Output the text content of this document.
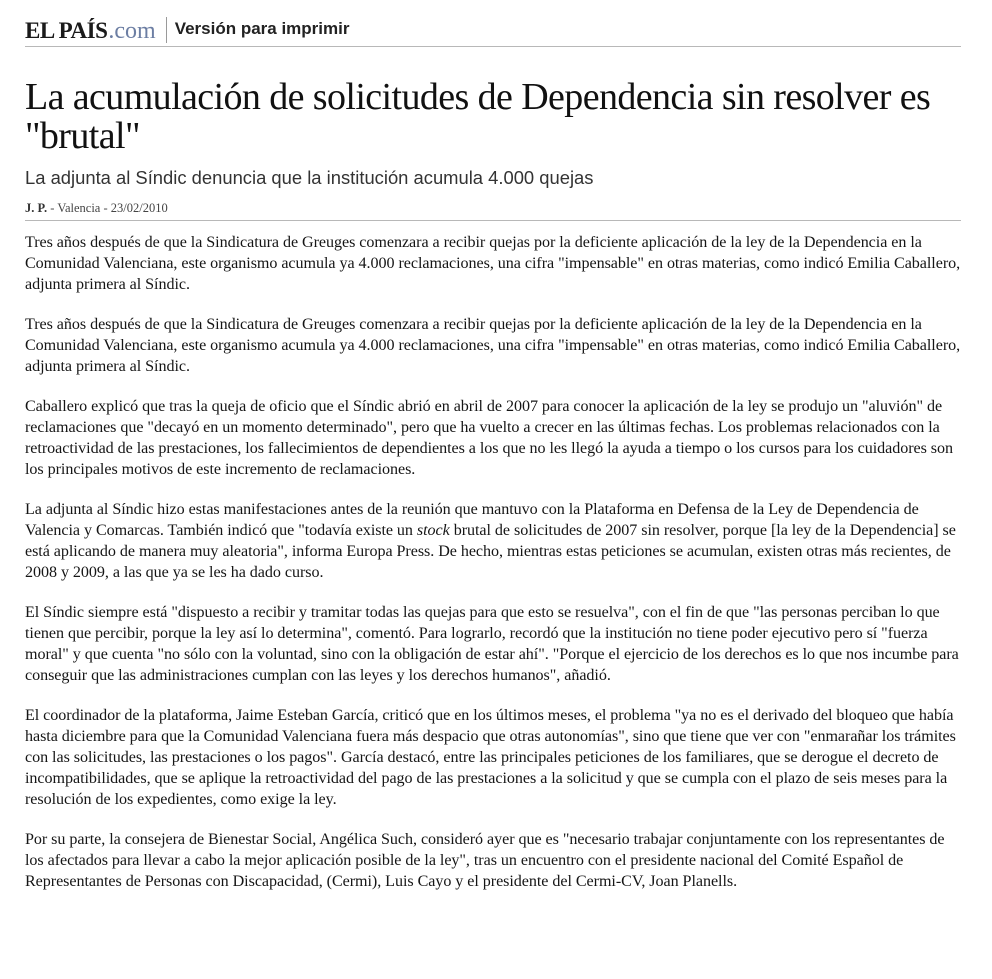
EL PAÍS .com Versión para imprimir
La acumulación de solicitudes de Dependencia sin resolver es "brutal"
La adjunta al Síndic denuncia que la institución acumula 4.000 quejas
J. P. - Valencia - 23/02/2010

Tres años después de que la Sindicatura de Greuges comenzara a recibir quejas por la deficiente aplicación de la ley de la Dependencia en la Comunidad Valenciana, este organismo acumula ya 4.000 reclamaciones, una cifra "impensable" en otras materias, como indicó Emilia Caballero, adjunta primera al Síndic.

Tres años después de que la Sindicatura de Greuges comenzara a recibir quejas por la deficiente aplicación de la ley de la Dependencia en la Comunidad Valenciana, este organismo acumula ya 4.000 reclamaciones, una cifra "impensable" en otras materias, como indicó Emilia Caballero, adjunta primera al Síndic.

Caballero explicó que tras la queja de oficio que el Síndic abrió en abril de 2007 para conocer la aplicación de la ley se produjo un "aluvión" de reclamaciones que "decayó en un momento determinado", pero que ha vuelto a crecer en las últimas fechas. Los problemas relacionados con la retroactividad de las prestaciones, los fallecimientos de dependientes a los que no les llegó la ayuda a tiempo o los cursos para los cuidadores son los principales motivos de este incremento de reclamaciones.

La adjunta al Síndic hizo estas manifestaciones antes de la reunión que mantuvo con la Plataforma en Defensa de la Ley de Dependencia de Valencia y Comarcas. También indicó que "todavía existe un stock brutal de solicitudes de 2007 sin resolver, porque [la ley de la Dependencia] se está aplicando de manera muy aleatoria", informa Europa Press. De hecho, mientras estas peticiones se acumulan, existen otras más recientes, de 2008 y 2009, a las que ya se les ha dado curso.

El Síndic siempre está "dispuesto a recibir y tramitar todas las quejas para que esto se resuelva", con el fin de que "las personas perciban lo que tienen que percibir, porque la ley así lo determina", comentó. Para lograrlo, recordó que la institución no tiene poder ejecutivo pero sí "fuerza moral" y que cuenta "no sólo con la voluntad, sino con la obligación de estar ahí". "Porque el ejercicio de los derechos es lo que nos incumbe para conseguir que las administraciones cumplan con las leyes y los derechos humanos", añadió.

El coordinador de la plataforma, Jaime Esteban García, criticó que en los últimos meses, el problema "ya no es el derivado del bloqueo que había hasta diciembre para que la Comunidad Valenciana fuera más despacio que otras autonomías", sino que tiene que ver con "enmarañar los trámites con las solicitudes, las prestaciones o los pagos". García destacó, entre las principales peticiones de los familiares, que se derogue el decreto de incompatibilidades, que se aplique la retroactividad del pago de las prestaciones a la solicitud y que se cumpla con el plazo de seis meses para la resolución de los expedientes, como exige la ley.

Por su parte, la consejera de Bienestar Social, Angélica Such, consideró ayer que es "necesario trabajar conjuntamente con los representantes de los afectados para llevar a cabo la mejor aplicación posible de la ley", tras un encuentro con el presidente nacional del Comité Español de Representantes de Personas con Discapacidad, (Cermi), Luis Cayo y el presidente del Cermi-CV, Joan Planells.
